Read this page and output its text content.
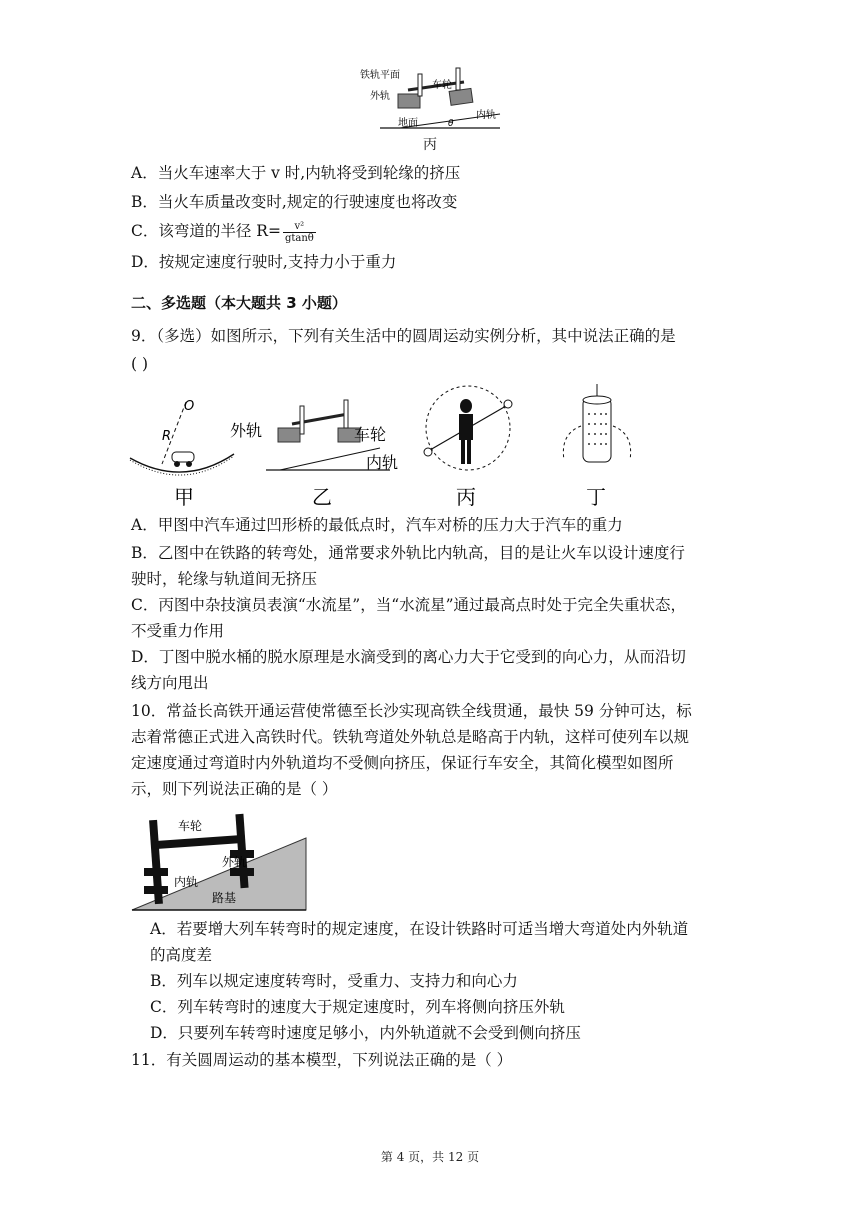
铁轨平面
车轮
外轨
内轨
地面	θ
丙
A．当火车速率大于 v 时,内轨将受到轮缘的挤压
B．当火车质量改变时,规定的行驶速度也将改变
C．该弯道的半径 $R= \frac{\text{v²}}{gtan\theta}$
D．按规定速度行驶时,支持力小于重力
二、多选题（本大题共 3 小题）
9．（多选）如图所示，下列有关生活中的圆周运动实例分析，其中说法正确的是
( )
O
R
甲
外轨	车轮
内轨
乙	丙	丁
A．甲图中汽车通过凹形桥的最低点时，汽车对桥的压力大于汽车的重力
B．乙图中在铁路的转弯处，通常要求外轨比内轨高，目的是让火车以设计速度行
驶时，轮缘与轨道间无挤压
C．丙图中杂技演员表演“水流星”，当“水流星”通过最高点时处于完全失重状态，
不受重力作用
D．丁图中脱水桶的脱水原理是水滴受到的离心力大于它受到的向心力，从而沿切
线方向甩出
10．常益长高铁开通运营使常德至长沙实现高铁全线贯通，最快 59 分钟可达，标
志着常德正式进入高铁时代。铁轨弯道处外轨总是略高于内轨，这样可使列车以规
定速度通过弯道时内外轨道均不受侧向挤压，保证行车安全，其简化模型如图所
示，则下列说法正确的是（ ）
车轮
外轨
内轨
路基
A．若要增大列车转弯时的规定速度，在设计铁路时可适当增大弯道处内外轨道
的高度差
B．列车以规定速度转弯时，受重力、支持力和向心力
C．列车转弯时的速度大于规定速度时，列车将侧向挤压外轨
D．只要列车转弯时速度足够小，内外轨道就不会受到侧向挤压
11．有关圆周运动的基本模型，下列说法正确的是（ ）
第 4 页，共 12 页
